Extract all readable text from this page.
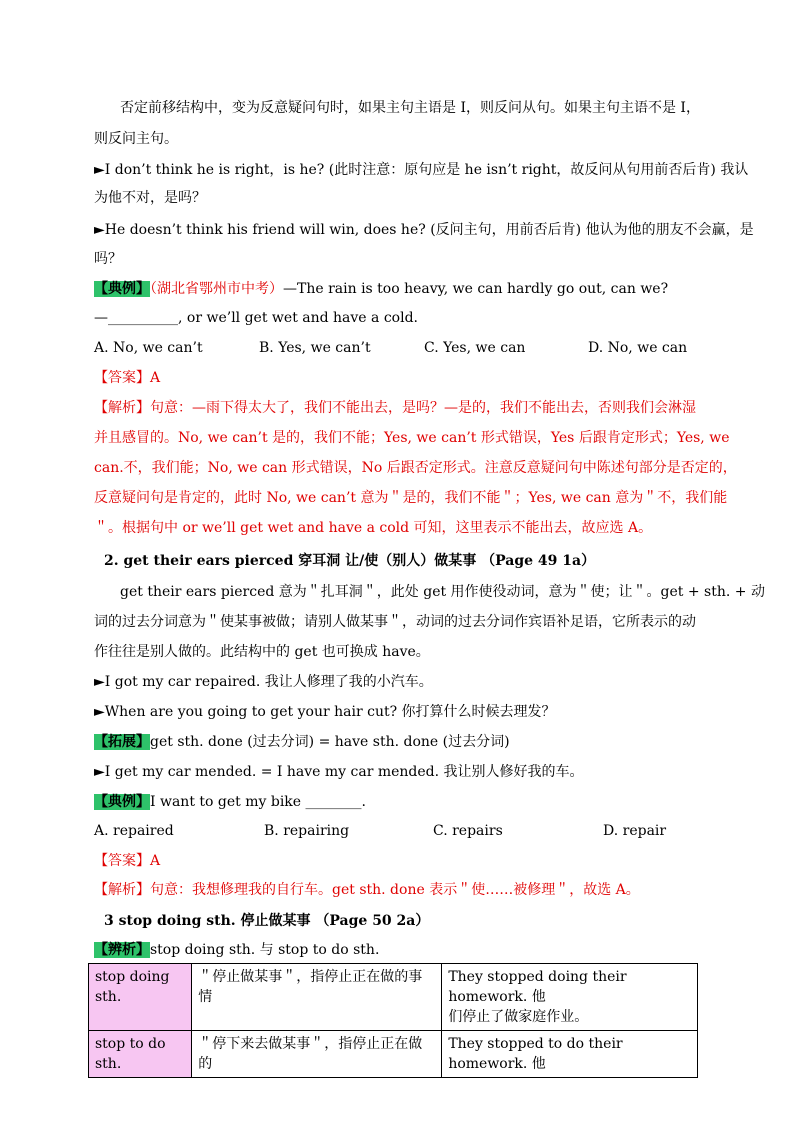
否定前移结构中，变为反意疑问句时，如果主句主语是 I，则反问从句。如果主句主语不是 I，
则反问主句。
►I don’t think he is right，is he? (此时注意：原句应是 he isn’t right，故反问从句用前否后肯) 我认
为他不对，是吗？
►He doesn’t think his friend will win, does he? (反问主句，用前否后肯) 他认为他的朋友不会赢，是
吗？
【典例】（湖北省鄂州市中考）—The rain is too heavy, we can hardly go out, can we?
—__________, or we’ll get wet and have a cold.
A. No, we can’t	B. Yes, we can’t	C. Yes, we can	D. No, we can
【答案】A
【解析】句意：—雨下得太大了，我们不能出去，是吗？—是的，我们不能出去，否则我们会淋湿
并且感冒的。No, we can’t 是的，我们不能；Yes, we can’t 形式错误，Yes 后跟肯定形式；Yes, we
can.不，我们能；No, we can 形式错误，No 后跟否定形式。注意反意疑问句中陈述句部分是否定的，
反意疑问句是肯定的，此时 No, we can’t 意为＂是的，我们不能＂；Yes, we can 意为＂不，我们能
＂。根据句中 or we’ll get wet and have a cold 可知，这里表示不能出去，故应选 A。
2. get their ears pierced 穿耳洞 让/使（别人）做某事 （Page 49 1a）
get their ears pierced 意为＂扎耳洞＂，此处 get 用作使役动词，意为＂使；让＂。get + sth. + 动
词的过去分词意为＂使某事被做；请别人做某事＂，动词的过去分词作宾语补足语，它所表示的动
作往往是别人做的。此结构中的 get 也可换成 have。
►I got my car repaired. 我让人修理了我的小汽车。
►When are you going to get your hair cut? 你打算什么时候去理发？
【拓展】get sth. done (过去分词) = have sth. done (过去分词)
►I get my car mended. = I have my car mended. 我让别人修好我的车。
【典例】I want to get my bike ________.
A. repaired	B. repairing	C. repairs	D. repair
【答案】A
【解析】句意：我想修理我的自行车。get sth. done 表示＂使……被修理＂，故选 A。
3 stop doing sth. 停止做某事 （Page 50 2a）
【辨析】stop doing sth. 与 stop to do sth.
stop doing sth.	＂停止做某事＂，指停止正在做的事情	They stopped doing their homework. 他
们停止了做家庭作业。

stop to do sth.	＂停下来去做某事＂，指停止正在做的	They stopped to do their homework. 他
